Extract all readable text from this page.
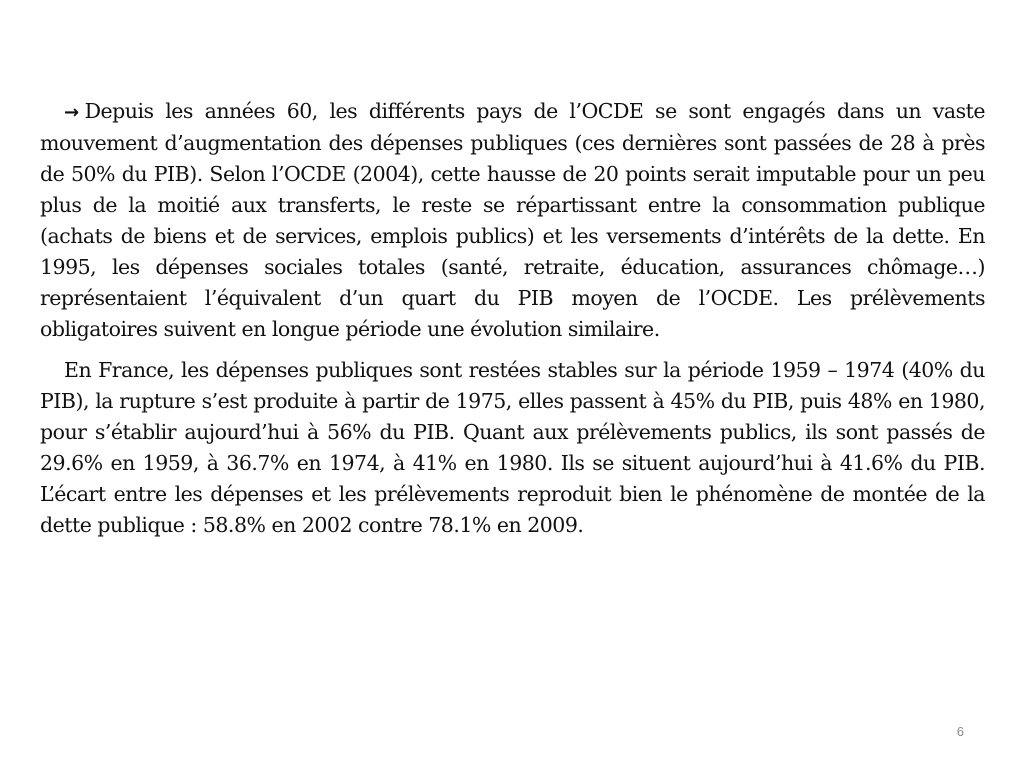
→ Depuis les années 60, les différents pays de l’OCDE se sont engagés dans un vaste mouvement d’augmentation des dépenses publiques (ces dernières sont passées de 28 à près de 50% du PIB). Selon l’OCDE (2004), cette hausse de 20 points serait imputable pour un peu plus de la moitié aux transferts, le reste se répartissant entre la consommation publique (achats de biens et de services, emplois publics) et les versements d’intérêts de la dette. En 1995, les dépenses sociales totales (santé, retraite, éducation, assurances chômage…) représentaient l’équivalent d’un quart du PIB moyen de l’OCDE. Les prélèvements obligatoires suivent en longue période une évolution similaire.

En France, les dépenses publiques sont restées stables sur la période 1959 – 1974 (40% du PIB), la rupture s’est produite à partir de 1975, elles passent à 45% du PIB, puis 48% en 1980, pour s’établir aujourd’hui à 56% du PIB. Quant aux prélèvements publics, ils sont passés de 29.6% en 1959, à 36.7% en 1974, à 41% en 1980. Ils se situent aujourd’hui à 41.6% du PIB. L’écart entre les dépenses et les prélèvements reproduit bien le phénomène de montée de la dette publique : 58.8% en 2002 contre 78.1% en 2009.

6
